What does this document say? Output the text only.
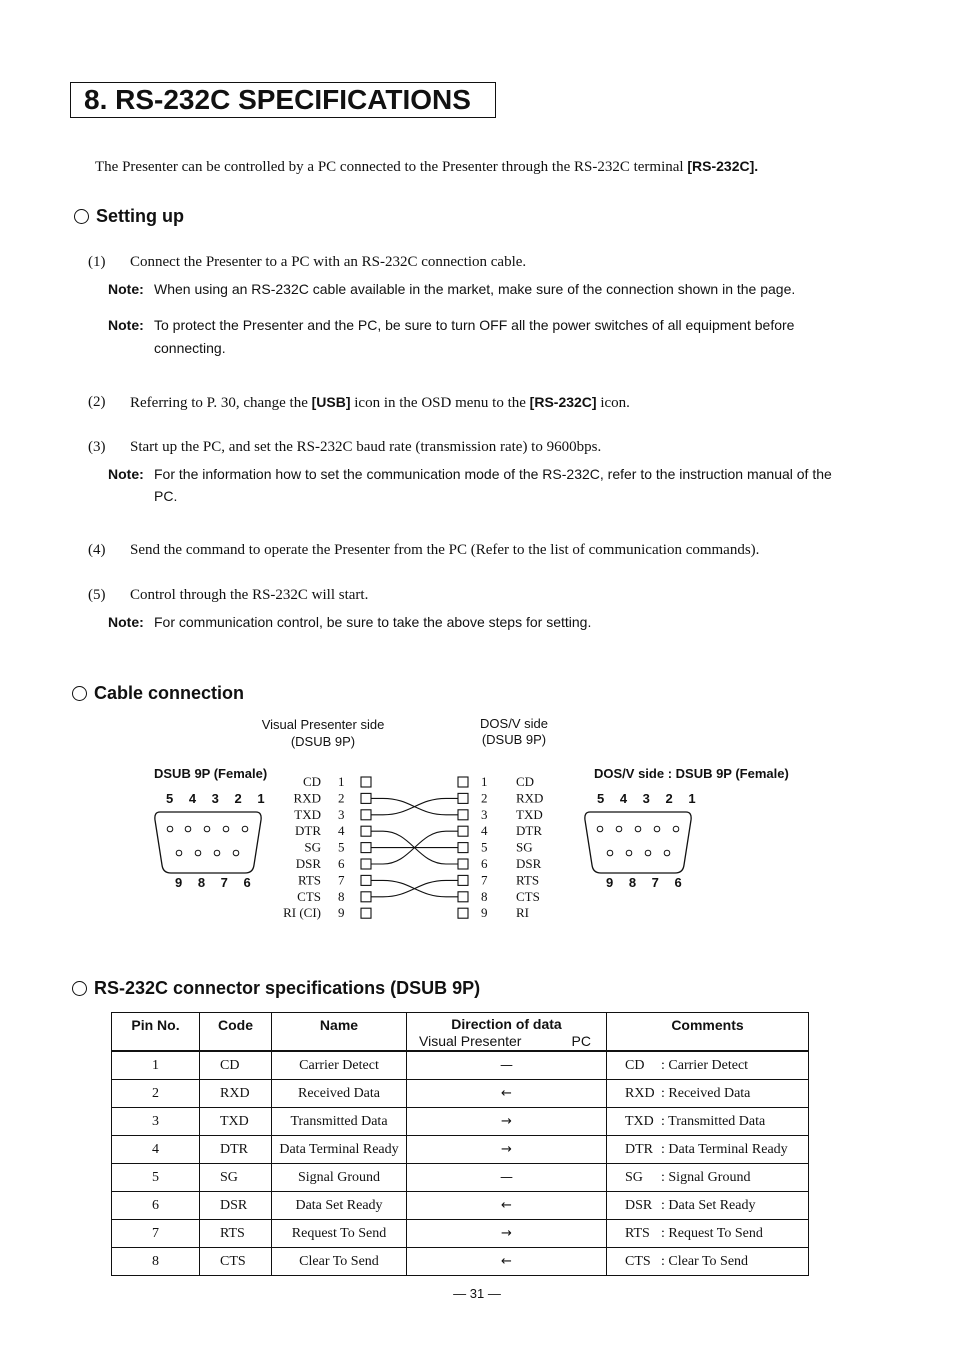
8. RS-232C SPECIFICATIONS
The Presenter can be controlled by a PC connected to the Presenter through the RS-232C terminal [RS-232C].
Setting up
(1) Connect the Presenter to a PC with an RS-232C connection cable.
Note: When using an RS-232C cable available in the market, make sure of the connection shown in the page.
Note: To protect the Presenter and the PC, be sure to turn OFF all the power switches of all equipment before
connecting.
(2) Referring to P. 30, change the [USB] icon in the OSD menu to the [RS-232C] icon.
(3) Start up the PC, and set the RS-232C baud rate (transmission rate) to 9600bps.
Note: For the information how to set the communication mode of the RS-232C, refer to the instruction manual of the
PC.
(4) Send the command to operate the Presenter from the PC (Refer to the list of communication commands).
(5) Control through the RS-232C will start.
Note: For communication control, be sure to take the above steps for setting.
Cable connection
Visual Presenter side
(DSUB 9P)
DOS/V side
(DSUB 9P)
DSUB 9P (Female)	DOS/V side : DSUB 9P (Female)
5 4 3 2 1
9 8 7 6
5 4 3 2 1
9 8 7 6
CD 1	1 CD
RXD 2	2 RXD
TXD 3	3 TXD
DTR 4	4 DTR
SG 5	5 SG
DSR 6	6 DSR
RTS 7	7 RTS
CTS 8	8 CTS
RI (CI) 9	9 RI
RS-232C connector specifications (DSUB 9P)
Pin No.	Code	Name	Direction of data
Visual Presenter PC	Comments
1	CD	Carrier Detect	—	CD : Carrier Detect
2	RXD	Received Data	←	RXD : Received Data
3	TXD	Transmitted Data	→	TXD : Transmitted Data
4	DTR	Data Terminal Ready	→	DTR : Data Terminal Ready
5	SG	Signal Ground	—	SG : Signal Ground
6	DSR	Data Set Ready	←	DSR : Data Set Ready
7	RTS	Request To Send	→	RTS : Request To Send
8	CTS	Clear To Send	←	CTS : Clear To Send
— 31 —
